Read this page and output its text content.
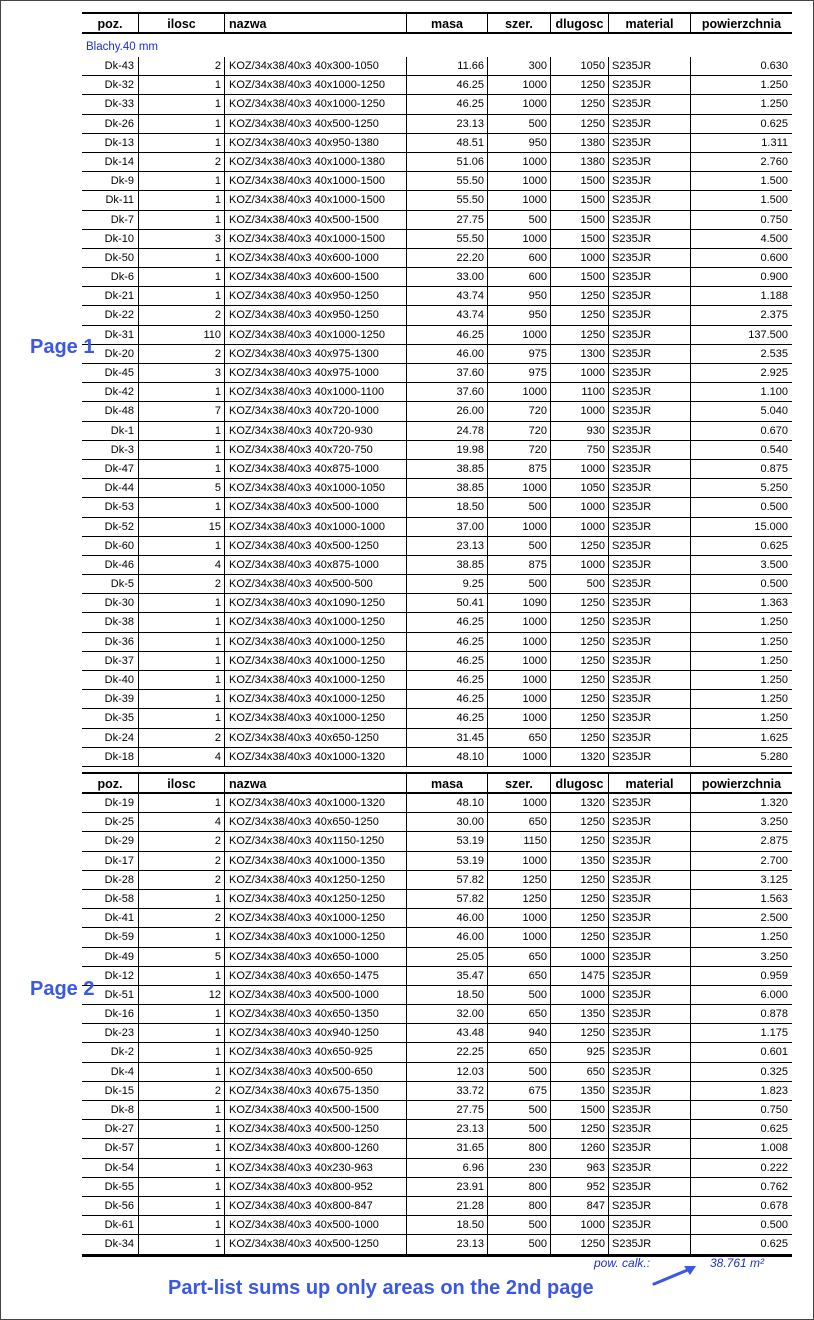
poz.	ilosc	nazwa	masa	szer.	dlugosc	material	powierzchnia
Blachy.40 mm
Dk-43	2 KOZ/34x38/40x3 40x300-1050	11.66	300	1050 S235JR	0.630
Dk-32	1 KOZ/34x38/40x3 40x1000-1250	46.25	1000	1250 S235JR	1.250
Dk-33	1 KOZ/34x38/40x3 40x1000-1250	46.25	1000	1250 S235JR	1.250
Dk-26	1 KOZ/34x38/40x3 40x500-1250	23.13	500	1250 S235JR	0.625
Dk-13	1 KOZ/34x38/40x3 40x950-1380	48.51	950	1380 S235JR	1.311
Dk-14	2 KOZ/34x38/40x3 40x1000-1380	51.06	1000	1380 S235JR	2.760
Dk-9	1 KOZ/34x38/40x3 40x1000-1500	55.50	1000	1500 S235JR	1.500
Dk-11	1 KOZ/34x38/40x3 40x1000-1500	55.50	1000	1500 S235JR	1.500
Dk-7	1 KOZ/34x38/40x3 40x500-1500	27.75	500	1500 S235JR	0.750
Dk-10	3 KOZ/34x38/40x3 40x1000-1500	55.50	1000	1500 S235JR	4.500
Dk-50	1 KOZ/34x38/40x3 40x600-1000	22.20	600	1000 S235JR	0.600
Dk-6	1 KOZ/34x38/40x3 40x600-1500	33.00	600	1500 S235JR	0.900
Dk-21	1 KOZ/34x38/40x3 40x950-1250	43.74	950	1250 S235JR	1.188
Dk-22	2 KOZ/34x38/40x3 40x950-1250	43.74	950	1250 S235JR	2.375
Dk-31	110 KOZ/34x38/40x3 40x1000-1250	46.25	1000	1250 S235JR	137.500
Dk-20	2 KOZ/34x38/40x3 40x975-1300	46.00	975	1300 S235JR	2.535
Dk-45	3 KOZ/34x38/40x3 40x975-1000	37.60	975	1000 S235JR	2.925
Dk-42	1 KOZ/34x38/40x3 40x1000-1100	37.60	1000	1100 S235JR	1.100
Dk-48	7 KOZ/34x38/40x3 40x720-1000	26.00	720	1000 S235JR	5.040
Dk-1	1 KOZ/34x38/40x3 40x720-930	24.78	720	930 S235JR	0.670
Dk-3	1 KOZ/34x38/40x3 40x720-750	19.98	720	750 S235JR	0.540
Dk-47	1 KOZ/34x38/40x3 40x875-1000	38.85	875	1000 S235JR	0.875
Dk-44	5 KOZ/34x38/40x3 40x1000-1050	38.85	1000	1050 S235JR	5.250
Dk-53	1 KOZ/34x38/40x3 40x500-1000	18.50	500	1000 S235JR	0.500
Dk-52	15 KOZ/34x38/40x3 40x1000-1000	37.00	1000	1000 S235JR	15.000
Dk-60	1 KOZ/34x38/40x3 40x500-1250	23.13	500	1250 S235JR	0.625
Dk-46	4 KOZ/34x38/40x3 40x875-1000	38.85	875	1000 S235JR	3.500
Dk-5	2 KOZ/34x38/40x3 40x500-500	9.25	500	500 S235JR	0.500
Dk-30	1 KOZ/34x38/40x3 40x1090-1250	50.41	1090	1250 S235JR	1.363
Dk-38	1 KOZ/34x38/40x3 40x1000-1250	46.25	1000	1250 S235JR	1.250
Dk-36	1 KOZ/34x38/40x3 40x1000-1250	46.25	1000	1250 S235JR	1.250
Dk-37	1 KOZ/34x38/40x3 40x1000-1250	46.25	1000	1250 S235JR	1.250
Dk-40	1 KOZ/34x38/40x3 40x1000-1250	46.25	1000	1250 S235JR	1.250
Dk-39	1 KOZ/34x38/40x3 40x1000-1250	46.25	1000	1250 S235JR	1.250
Dk-35	1 KOZ/34x38/40x3 40x1000-1250	46.25	1000	1250 S235JR	1.250
Dk-24	2 KOZ/34x38/40x3 40x650-1250	31.45	650	1250 S235JR	1.625
Dk-18	4 KOZ/34x38/40x3 40x1000-1320	48.10	1000	1320 S235JR	5.280
poz.	ilosc	nazwa	masa	szer.	dlugosc	material	powierzchnia
Dk-19	1 KOZ/34x38/40x3 40x1000-1320	48.10	1000	1320 S235JR	1.320
Dk-25	4 KOZ/34x38/40x3 40x650-1250	30.00	650	1250 S235JR	3.250
Dk-29	2 KOZ/34x38/40x3 40x1150-1250	53.19	1150	1250 S235JR	2.875
Dk-17	2 KOZ/34x38/40x3 40x1000-1350	53.19	1000	1350 S235JR	2.700
Dk-28	2 KOZ/34x38/40x3 40x1250-1250	57.82	1250	1250 S235JR	3.125
Dk-58	1 KOZ/34x38/40x3 40x1250-1250	57.82	1250	1250 S235JR	1.563
Dk-41	2 KOZ/34x38/40x3 40x1000-1250	46.00	1000	1250 S235JR	2.500
Dk-59	1 KOZ/34x38/40x3 40x1000-1250	46.00	1000	1250 S235JR	1.250
Dk-49	5 KOZ/34x38/40x3 40x650-1000	25.05	650	1000 S235JR	3.250
Dk-12	1 KOZ/34x38/40x3 40x650-1475	35.47	650	1475 S235JR	0.959
Dk-51	12 KOZ/34x38/40x3 40x500-1000	18.50	500	1000 S235JR	6.000
Dk-16	1 KOZ/34x38/40x3 40x650-1350	32.00	650	1350 S235JR	0.878
Dk-23	1 KOZ/34x38/40x3 40x940-1250	43.48	940	1250 S235JR	1.175
Dk-2	1 KOZ/34x38/40x3 40x650-925	22.25	650	925 S235JR	0.601
Dk-4	1 KOZ/34x38/40x3 40x500-650	12.03	500	650 S235JR	0.325
Dk-15	2 KOZ/34x38/40x3 40x675-1350	33.72	675	1350 S235JR	1.823
Dk-8	1 KOZ/34x38/40x3 40x500-1500	27.75	500	1500 S235JR	0.750
Dk-27	1 KOZ/34x38/40x3 40x500-1250	23.13	500	1250 S235JR	0.625
Dk-57	1 KOZ/34x38/40x3 40x800-1260	31.65	800	1260 S235JR	1.008
Dk-54	1 KOZ/34x38/40x3 40x230-963	6.96	230	963 S235JR	0.222
Dk-55	1 KOZ/34x38/40x3 40x800-952	23.91	800	952 S235JR	0.762
Dk-56	1 KOZ/34x38/40x3 40x800-847	21.28	800	847 S235JR	0.678
Dk-61	1 KOZ/34x38/40x3 40x500-1000	18.50	500	1000 S235JR	0.500
Dk-34	1 KOZ/34x38/40x3 40x500-1250	23.13	500	1250 S235JR	0.625
Page 1
Page 2
pow. calk.:	38.761 m²
Part-list sums up only areas on the 2nd page
